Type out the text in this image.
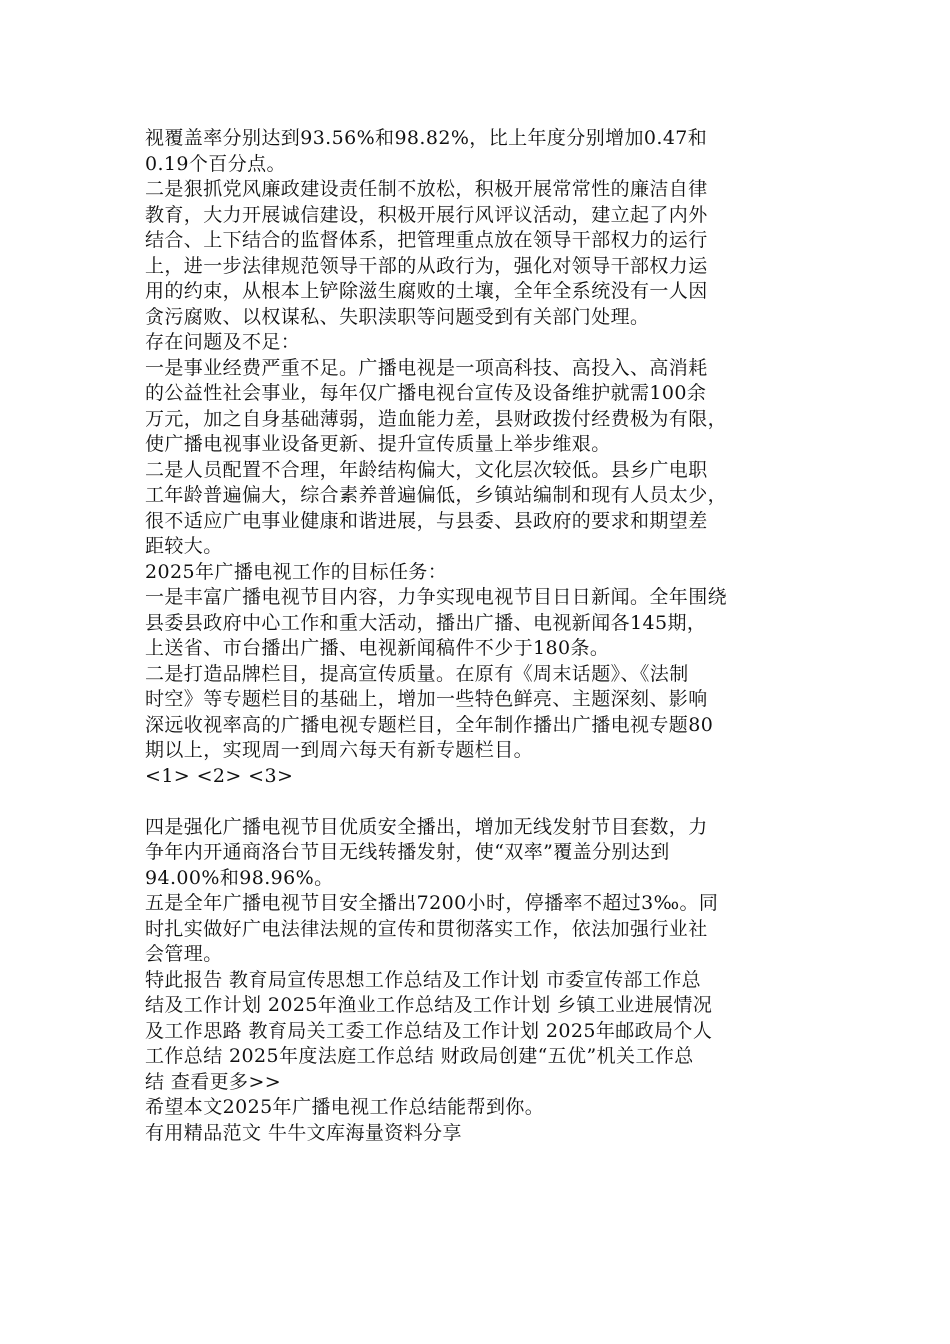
视覆盖率分别达到93.56%和98.82%，比上年度分别增加0.47和
0.19个百分点。
二是狠抓党风廉政建设责任制不放松，积极开展常常性的廉洁自律
教育，大力开展诚信建设，积极开展行风评议活动，建立起了内外
结合、上下结合的监督体系，把管理重点放在领导干部权力的运行
上，进一步法律规范领导干部的从政行为，强化对领导干部权力运
用的约束，从根本上铲除滋生腐败的土壤，全年全系统没有一人因
贪污腐败、以权谋私、失职渎职等问题受到有关部门处理。
存在问题及不足：
一是事业经费严重不足。广播电视是一项高科技、高投入、高消耗
的公益性社会事业，每年仅广播电视台宣传及设备维护就需100余
万元，加之自身基础薄弱，造血能力差，县财政拨付经费极为有限，
使广播电视事业设备更新、提升宣传质量上举步维艰。
二是人员配置不合理，年龄结构偏大，文化层次较低。县乡广电职
工年龄普遍偏大，综合素养普遍偏低，乡镇站编制和现有人员太少，
很不适应广电事业健康和谐进展，与县委、县政府的要求和期望差
距较大。
2025年广播电视工作的目标任务：
一是丰富广播电视节目内容，力争实现电视节目日日新闻。全年围绕
县委县政府中心工作和重大活动，播出广播、电视新闻各145期，
上送省、市台播出广播、电视新闻稿件不少于180条。
二是打造品牌栏目，提高宣传质量。在原有《周末话题》、《法制
时空》等专题栏目的基础上，增加一些特色鲜亮、主题深刻、影响
深远收视率高的广播电视专题栏目，全年制作播出广播电视专题80
期以上，实现周一到周六每天有新专题栏目。
<1> <2> <3>
四是强化广播电视节目优质安全播出，增加无线发射节目套数，力
争年内开通商洛台节目无线转播发射，使“双率”覆盖分别达到
94.00%和98.96%。
五是全年广播电视节目安全播出7200小时，停播率不超过3‰。同
时扎实做好广电法律法规的宣传和贯彻落实工作，依法加强行业社
会管理。
特此报告 教育局宣传思想工作总结及工作计划 市委宣传部工作总
结及工作计划 2025年渔业工作总结及工作计划 乡镇工业进展情况
及工作思路 教育局关工委工作总结及工作计划 2025年邮政局个人
工作总结 2025年度法庭工作总结 财政局创建“五优”机关工作总
结 查看更多>>
希望本文2025年广播电视工作总结能帮到你。
有用精品范文 牛牛文库海量资料分享
